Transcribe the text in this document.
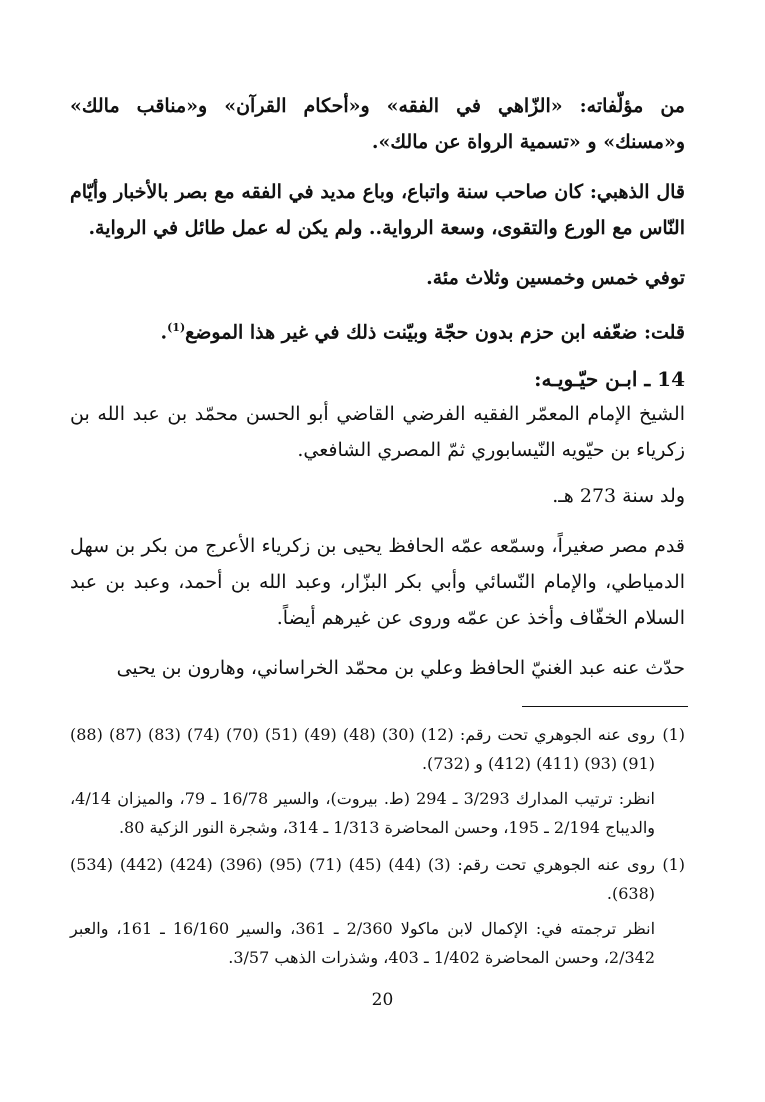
من مؤلّفاته: «الزّاهي في الفقه» و«أحكام القرآن» و«مناقب مالك» و«مسنك» و «تسمية الرواة عن مالك».

قال الذهبي: كان صاحب سنة واتباع، وباع مديد في الفقه مع بصر بالأخبار وأيّام النّاس مع الورع والتقوى، وسعة الرواية.. ولم يكن له عمل طائل في الرواية.

توفي خمس وخمسين وثلاث مئة.

قلت: ضعّفه ابن حزم بدون حجّة وبيّنت ذلك في غير هذا الموضع$^{(1)}$.

14 ـ ابـن حيّـويـه:

الشيخ الإمام المعمّر الفقيه الفرضي القاضي أبو الحسن محمّد بن عبد الله بن زكرياء بن حيّويه النّيسابوري ثمّ المصري الشافعي.

ولد سنة 273 هـ.

قدم مصر صغيراً، وسمّعه عمّه الحافظ يحيى بن زكرياء الأعرج من بكر بن سهل الدمياطي، والإمام النّسائي وأبي بكر البزّار، وعبد الله بن أحمد، وعبد بن عبد السلام الخفّاف وأخذ عن عمّه وروى عن غيرهم أيضاً.

حدّث عنه عبد الغنيّ الحافظ وعلي بن محمّد الخراساني، وهارون بن يحيى

(1)
روى عنه الجوهري تحت رقم: (12) (30) (48) (49) (51) (70) (74) (83) (87) (88) (91) (93) (411) (412) و (732).
انظر: ترتيب المدارك 3/293 ـ 294 (ط. بيروت)، والسير 16/78 ـ 79، والميزان 4/14، والديباج 2/194 ـ 195، وحسن المحاضرة 1/313 ـ 314، وشجرة النور الزكية 80.
(1)
روى عنه الجوهري تحت رقم: (3) (44) (45) (71) (95) (396) (424) (442) (534) (638).
انظر ترجمته في: الإكمال لابن ماكولا 2/360 ـ 361، والسير 16/160 ـ 161، والعبر 2/342، وحسن المحاضرة 1/402 ـ 403، وشذرات الذهب 3/57.
20
